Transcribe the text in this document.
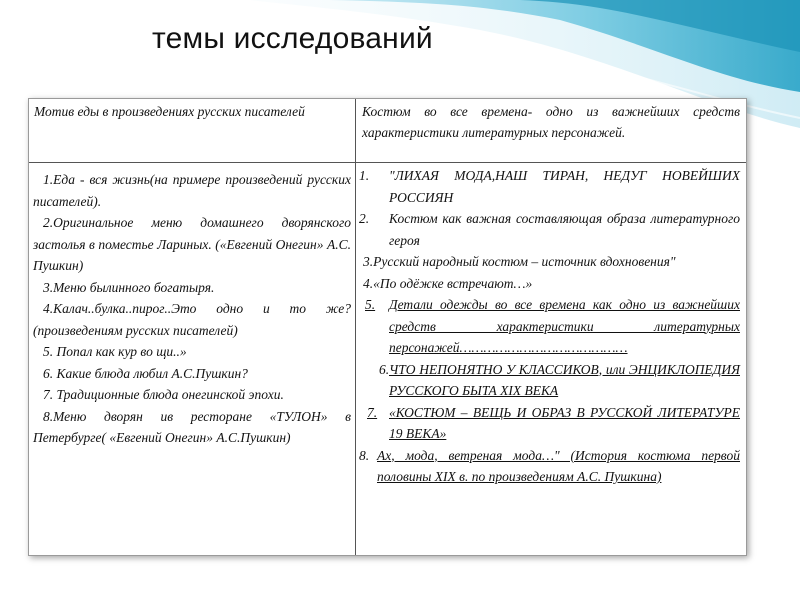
темы исследований
Мотив еды в произведениях русских писателей	Костюм во все времена- одно из важнейших средств характеристики литературных персонажей.
1.Еда - вся жизнь(на примере произведений русских писателей).
2.Оригинальное меню домашнего дворянского застолья в поместье Лариных. («Евгений Онегин» А.С. Пушкин)
3.Меню былинного богатыря.
4.Калач..булка..пирог..Это одно и то же?(произведениям русских писателей)
5. Попал как кур во щи..»
6. Какие блюда любил А.С.Пушкин?
7. Традиционные блюда онегинской эпохи.
8.Меню дворян ив ресторане «ТУЛОН» в Петербурге( «Евгений Онегин» А.С.Пушкин)
1. "ЛИХАЯ МОДА,НАШ ТИРАН, НЕДУГ НОВЕЙШИХ РОССИЯН
2. Костюм как важная составляющая образа литературного героя
3.Русский народный костюм – источник вдохновения"
4.«По одёжке встречают…»
5. Детали одежды во все времена как одно из важнейших средств характеристики литературных персонажей……………………………………
6. ЧТО НЕПОНЯТНО У КЛАССИКОВ, или ЭНЦИКЛОПЕДИЯ РУССКОГО БЫТА XIX ВЕКА
7. «КОСТЮМ – ВЕЩЬ И ОБРАЗ В РУССКОЙ ЛИТЕРАТУРЕ 19 ВЕКА»
8. Ах, мода, ветреная мода…" (История костюма первой половины XIX в. по произведениям А.С. Пушкина)
